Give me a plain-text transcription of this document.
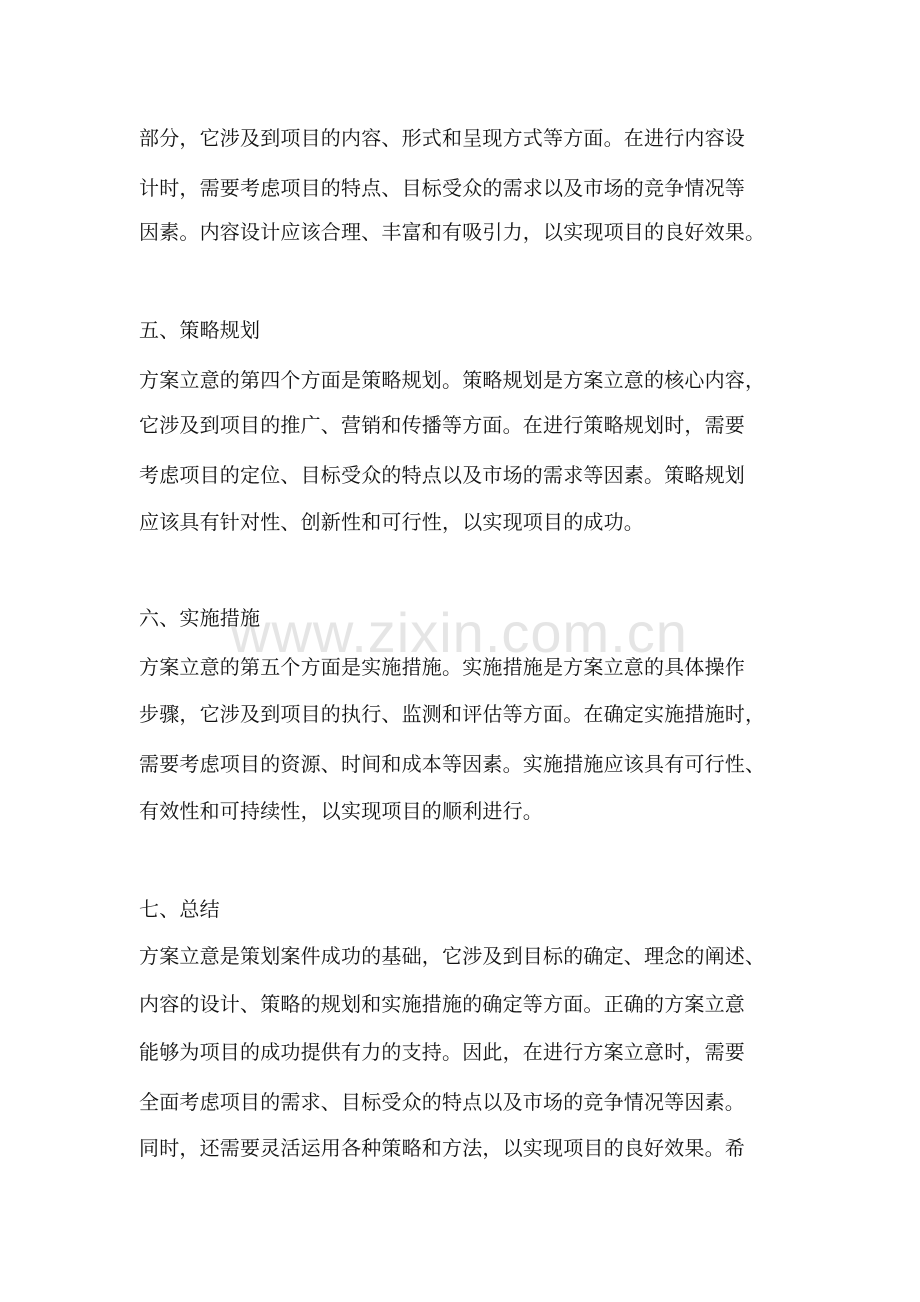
www.zixin.com.cn
部分，它涉及到项目的内容、形式和呈现方式等方面。在进行内容设
计时，需要考虑项目的特点、目标受众的需求以及市场的竞争情况等
因素。内容设计应该合理、丰富和有吸引力，以实现项目的良好效果。
五、策略规划
方案立意的第四个方面是策略规划。策略规划是方案立意的核心内容，
它涉及到项目的推广、营销和传播等方面。在进行策略规划时，需要
考虑项目的定位、目标受众的特点以及市场的需求等因素。策略规划
应该具有针对性、创新性和可行性，以实现项目的成功。
六、实施措施
方案立意的第五个方面是实施措施。实施措施是方案立意的具体操作
步骤，它涉及到项目的执行、监测和评估等方面。在确定实施措施时，
需要考虑项目的资源、时间和成本等因素。实施措施应该具有可行性、
有效性和可持续性，以实现项目的顺利进行。
七、总结
方案立意是策划案件成功的基础，它涉及到目标的确定、理念的阐述、
内容的设计、策略的规划和实施措施的确定等方面。正确的方案立意
能够为项目的成功提供有力的支持。因此，在进行方案立意时，需要
全面考虑项目的需求、目标受众的特点以及市场的竞争情况等因素。
同时，还需要灵活运用各种策略和方法，以实现项目的良好效果。希
